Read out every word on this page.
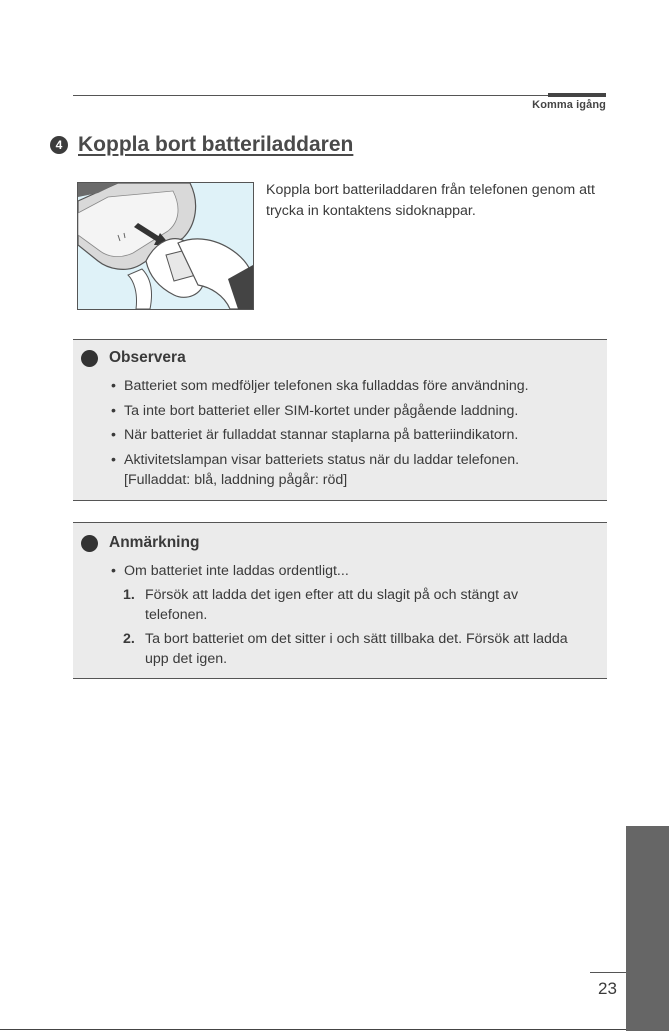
Komma igång
4 Koppla bort batteriladdaren
Koppla bort batteriladdaren från telefonen genom att trycka in kontaktens sidoknappar.
Observera
• Batteriet som medföljer telefonen ska fulladdas före användning.
• Ta inte bort batteriet eller SIM-kortet under pågående laddning.
• När batteriet är fulladdat stannar staplarna på batteriindikatorn.
• Aktivitetslampan visar batteriets status när du laddar telefonen.
[Fulladdat: blå, laddning pågår: röd]
Anmärkning
• Om batteriet inte laddas ordentligt...
1. Försök att ladda det igen efter att du slagit på och stängt av telefonen.
2. Ta bort batteriet om det sitter i och sätt tillbaka det. Försök att ladda upp det igen.
23
